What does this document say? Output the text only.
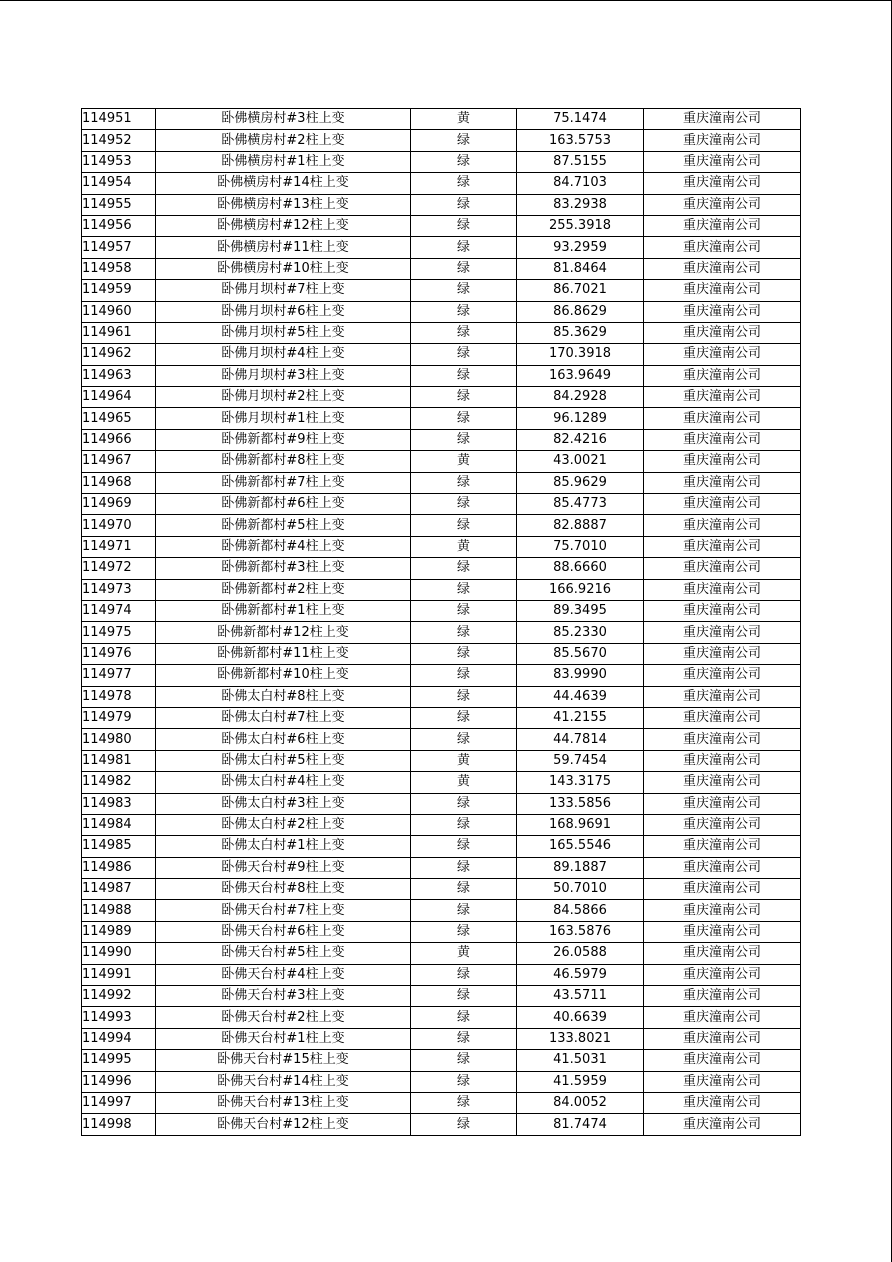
114951	卧佛横房村#3柱上变	黄	75.1474	重庆潼南公司
114952	卧佛横房村#2柱上变	绿	163.5753	重庆潼南公司
114953	卧佛横房村#1柱上变	绿	87.5155	重庆潼南公司
114954	卧佛横房村#14柱上变	绿	84.7103	重庆潼南公司
114955	卧佛横房村#13柱上变	绿	83.2938	重庆潼南公司
114956	卧佛横房村#12柱上变	绿	255.3918	重庆潼南公司
114957	卧佛横房村#11柱上变	绿	93.2959	重庆潼南公司
114958	卧佛横房村#10柱上变	绿	81.8464	重庆潼南公司
114959	卧佛月坝村#7柱上变	绿	86.7021	重庆潼南公司
114960	卧佛月坝村#6柱上变	绿	86.8629	重庆潼南公司
114961	卧佛月坝村#5柱上变	绿	85.3629	重庆潼南公司
114962	卧佛月坝村#4柱上变	绿	170.3918	重庆潼南公司
114963	卧佛月坝村#3柱上变	绿	163.9649	重庆潼南公司
114964	卧佛月坝村#2柱上变	绿	84.2928	重庆潼南公司
114965	卧佛月坝村#1柱上变	绿	96.1289	重庆潼南公司
114966	卧佛新都村#9柱上变	绿	82.4216	重庆潼南公司
114967	卧佛新都村#8柱上变	黄	43.0021	重庆潼南公司
114968	卧佛新都村#7柱上变	绿	85.9629	重庆潼南公司
114969	卧佛新都村#6柱上变	绿	85.4773	重庆潼南公司
114970	卧佛新都村#5柱上变	绿	82.8887	重庆潼南公司
114971	卧佛新都村#4柱上变	黄	75.7010	重庆潼南公司
114972	卧佛新都村#3柱上变	绿	88.6660	重庆潼南公司
114973	卧佛新都村#2柱上变	绿	166.9216	重庆潼南公司
114974	卧佛新都村#1柱上变	绿	89.3495	重庆潼南公司
114975	卧佛新都村#12柱上变	绿	85.2330	重庆潼南公司
114976	卧佛新都村#11柱上变	绿	85.5670	重庆潼南公司
114977	卧佛新都村#10柱上变	绿	83.9990	重庆潼南公司
114978	卧佛太白村#8柱上变	绿	44.4639	重庆潼南公司
114979	卧佛太白村#7柱上变	绿	41.2155	重庆潼南公司
114980	卧佛太白村#6柱上变	绿	44.7814	重庆潼南公司
114981	卧佛太白村#5柱上变	黄	59.7454	重庆潼南公司
114982	卧佛太白村#4柱上变	黄	143.3175	重庆潼南公司
114983	卧佛太白村#3柱上变	绿	133.5856	重庆潼南公司
114984	卧佛太白村#2柱上变	绿	168.9691	重庆潼南公司
114985	卧佛太白村#1柱上变	绿	165.5546	重庆潼南公司
114986	卧佛天台村#9柱上变	绿	89.1887	重庆潼南公司
114987	卧佛天台村#8柱上变	绿	50.7010	重庆潼南公司
114988	卧佛天台村#7柱上变	绿	84.5866	重庆潼南公司
114989	卧佛天台村#6柱上变	绿	163.5876	重庆潼南公司
114990	卧佛天台村#5柱上变	黄	26.0588	重庆潼南公司
114991	卧佛天台村#4柱上变	绿	46.5979	重庆潼南公司
114992	卧佛天台村#3柱上变	绿	43.5711	重庆潼南公司
114993	卧佛天台村#2柱上变	绿	40.6639	重庆潼南公司
114994	卧佛天台村#1柱上变	绿	133.8021	重庆潼南公司
114995	卧佛天台村#15柱上变	绿	41.5031	重庆潼南公司
114996	卧佛天台村#14柱上变	绿	41.5959	重庆潼南公司
114997	卧佛天台村#13柱上变	绿	84.0052	重庆潼南公司
114998	卧佛天台村#12柱上变	绿	81.7474	重庆潼南公司
